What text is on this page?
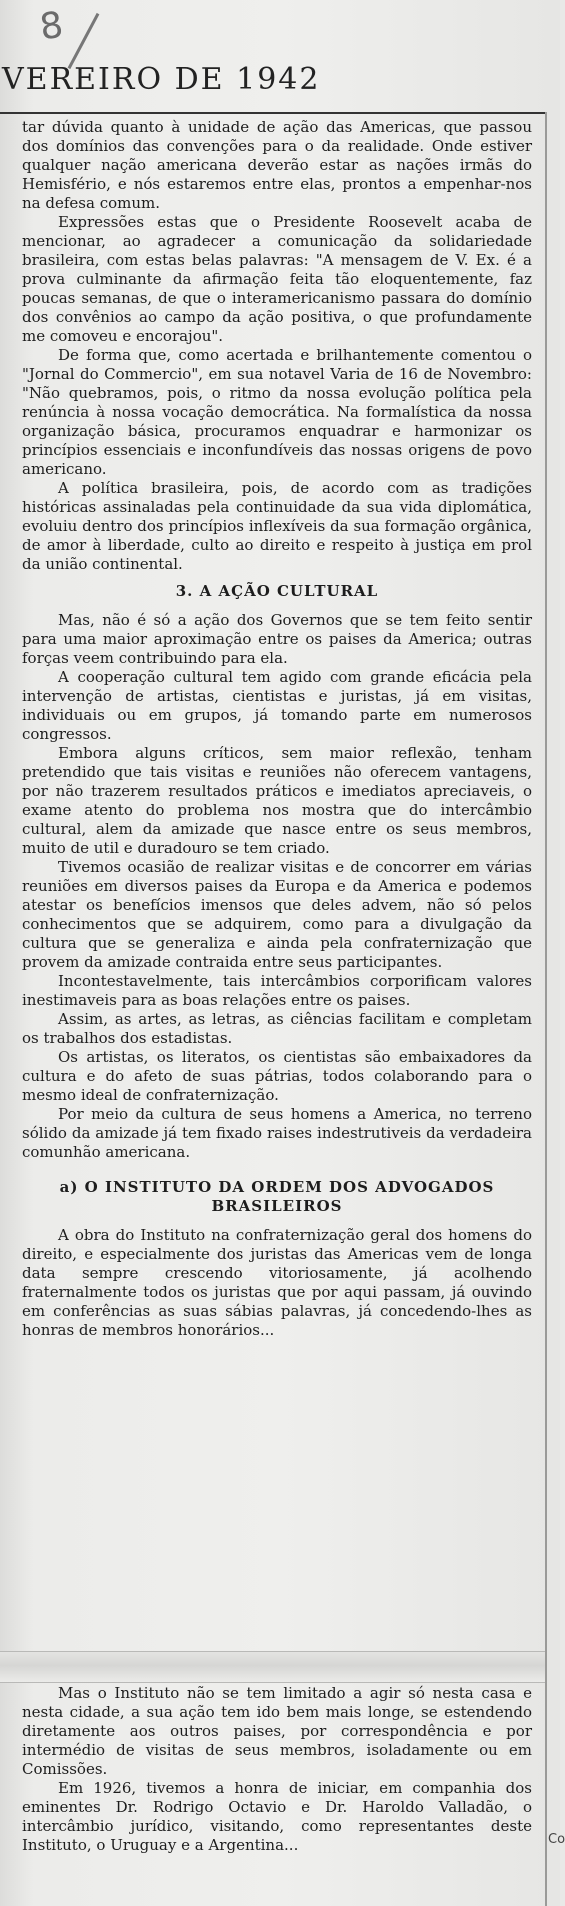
8
VEREIRO DE 1942

tar dúvida quanto à unidade de ação das Americas, que passou dos domínios das convenções para o da realidade. Onde estiver qualquer nação americana deverão estar as nações irmãs do Hemisfério, e nós estaremos entre elas, prontos a empenhar-nos na defesa comum.

Expressões estas que o Presidente Roosevelt acaba de mencionar, ao agradecer a comunicação da solidariedade brasileira, com estas belas palavras: "A mensagem de V. Ex. é a prova culminante da afirmação feita tão eloquentemente, faz poucas semanas, de que o interamericanismo passara do domínio dos convênios ao campo da ação positiva, o que profundamente me comoveu e encorajou".

De forma que, como acertada e brilhantemente comentou o "Jornal do Commercio", em sua notavel Varia de 16 de Novembro: "Não quebramos, pois, o ritmo da nossa evolução política pela renúncia à nossa vocação democrática. Na formalística da nossa organização básica, procuramos enquadrar e harmonizar os princípios essenciais e inconfundíveis das nossas origens de povo americano.

A política brasileira, pois, de acordo com as tradições históricas assinaladas pela continuidade da sua vida diplomática, evoluiu dentro dos princípios inflexíveis da sua formação orgânica, de amor à liberdade, culto ao direito e respeito à justiça em prol da união continental.

3. A AÇÃO CULTURAL

Mas, não é só a ação dos Governos que se tem feito sentir para uma maior aproximação entre os paises da America; outras forças veem contribuindo para ela.

A cooperação cultural tem agido com grande eficácia pela intervenção de artistas, cientistas e juristas, já em visitas, individuais ou em grupos, já tomando parte em numerosos congressos.

Embora alguns críticos, sem maior reflexão, tenham pretendido que tais visitas e reuniões não oferecem vantagens, por não trazerem resultados práticos e imediatos apreciaveis, o exame atento do problema nos mostra que do intercâmbio cultural, alem da amizade que nasce entre os seus membros, muito de util e duradouro se tem criado.

Tivemos ocasião de realizar visitas e de concorrer em várias reuniões em diversos paises da Europa e da America e podemos atestar os benefícios imensos que deles advem, não só pelos conhecimentos que se adquirem, como para a divulgação da cultura que se generaliza e ainda pela confraternização que provem da amizade contraida entre seus participantes.

Incontestavelmente, tais intercâmbios corporificam valores inestimaveis para as boas relações entre os paises.

Assim, as artes, as letras, as ciências facilitam e completam os trabalhos dos estadistas.

Os artistas, os literatos, os cientistas são embaixadores da cultura e do afeto de suas pátrias, todos colaborando para o mesmo ideal de confraternização.

Por meio da cultura de seus homens a America, no terreno sólido da amizade já tem fixado raises indestrutiveis da verdadeira comunhão americana.

a) O INSTITUTO DA ORDEM DOS ADVOGADOS BRASILEIROS

A obra do Instituto na confraternização geral dos homens do direito, e especialmente dos juristas das Americas vem de longa data sempre crescendo vitoriosamente, já acolhendo fraternalmente todos os juristas que por aqui passam, já ouvindo em conferências as suas sábias palavras, já concedendo-lhes as honras de membros honorários...

Mas o Instituto não se tem limitado a agir só nesta casa e nesta cidade, a sua ação tem ido bem mais longe, se estendendo diretamente aos outros paises, por correspondência e por intermédio de visitas de seus membros, isoladamente ou em Comissões.

Em 1926, tivemos a honra de iniciar, em companhia dos eminentes Dr. Rodrigo Octavio e Dr. Haroldo Valladão, o intercâmbio jurídico, visitando, como representantes deste Instituto, o Uruguay e a Argentina...	Co
